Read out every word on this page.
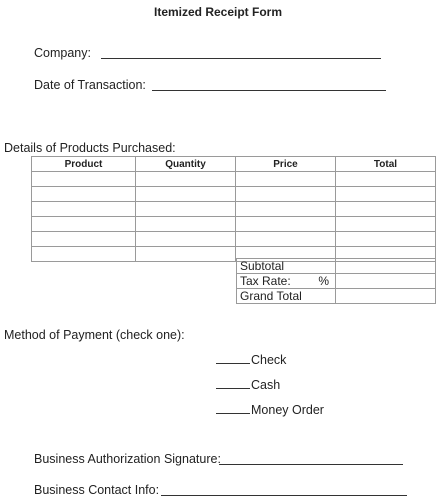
Itemized Receipt Form
Company:
Date of Transaction:
Details of Products Purchased:
Product	Quantity	Price	Total

Subtotal	
Tax Rate: %	

Grand Total	
Method of Payment (check one):
Check
Cash
Money Order
Business Authorization Signature:
Business Contact Info:
